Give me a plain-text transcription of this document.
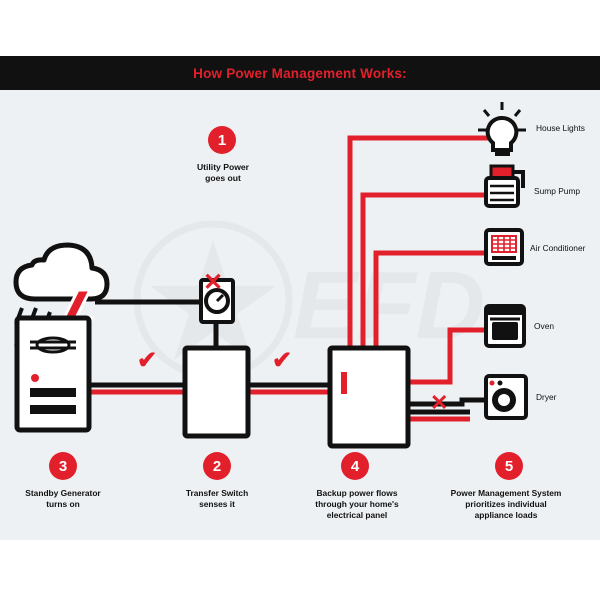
How Power Management Works:
EFD
✕
✔	✔
✕
1
Utility Power
goes out
House Lights
Sump Pump
Air Conditioner
Oven
Dryer
3	2	4	5
Standby Generator
turns on
Transfer Switch
senses it
Backup power flows
through your home's
electrical panel
Power Management System
prioritizes individual
appliance loads
